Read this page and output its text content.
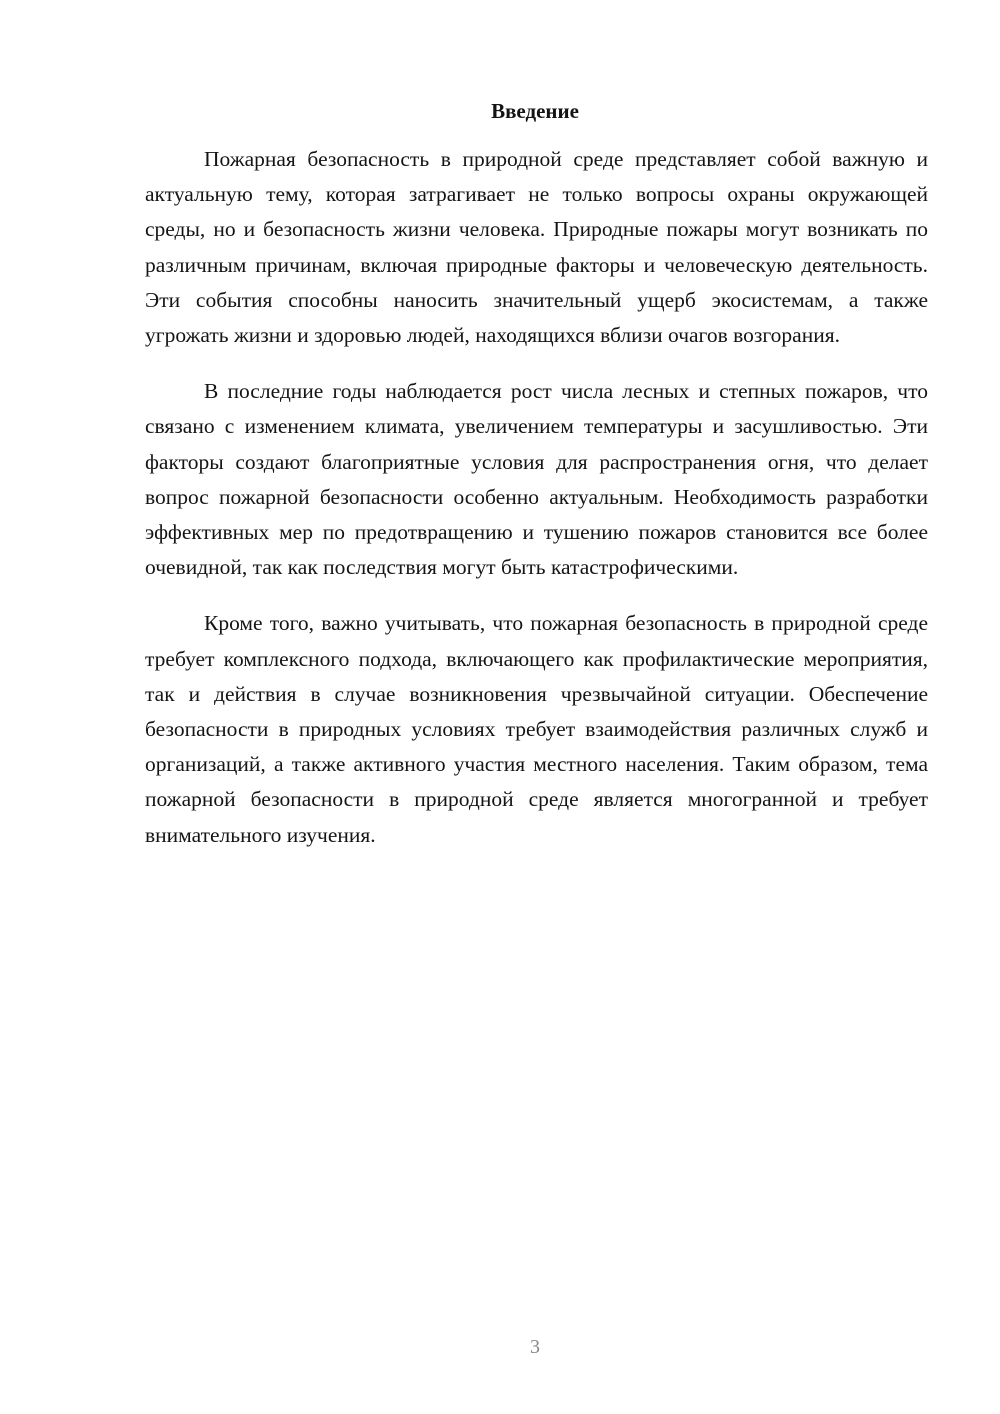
Введение

Пожарная безопасность в природной среде представляет собой важную и актуальную тему, которая затрагивает не только вопросы охраны окружающей среды, но и безопасность жизни человека. Природные пожары могут возникать по различным причинам, включая природные факторы и человеческую деятельность. Эти события способны наносить значительный ущерб экосистемам, а также угрожать жизни и здоровью людей, находящихся вблизи очагов возгорания.

В последние годы наблюдается рост числа лесных и степных пожаров, что связано с изменением климата, увеличением температуры и засушливостью. Эти факторы создают благоприятные условия для распространения огня, что делает вопрос пожарной безопасности особенно актуальным. Необходимость разработки эффективных мер по предотвращению и тушению пожаров становится все более очевидной, так как последствия могут быть катастрофическими.

Кроме того, важно учитывать, что пожарная безопасность в природной среде требует комплексного подхода, включающего как профилактические мероприятия, так и действия в случае возникновения чрезвычайной ситуации. Обеспечение безопасности в природных условиях требует взаимодействия различных служб и организаций, а также активного участия местного населения. Таким образом, тема пожарной безопасности в природной среде является многогранной и требует внимательного изучения.

3
